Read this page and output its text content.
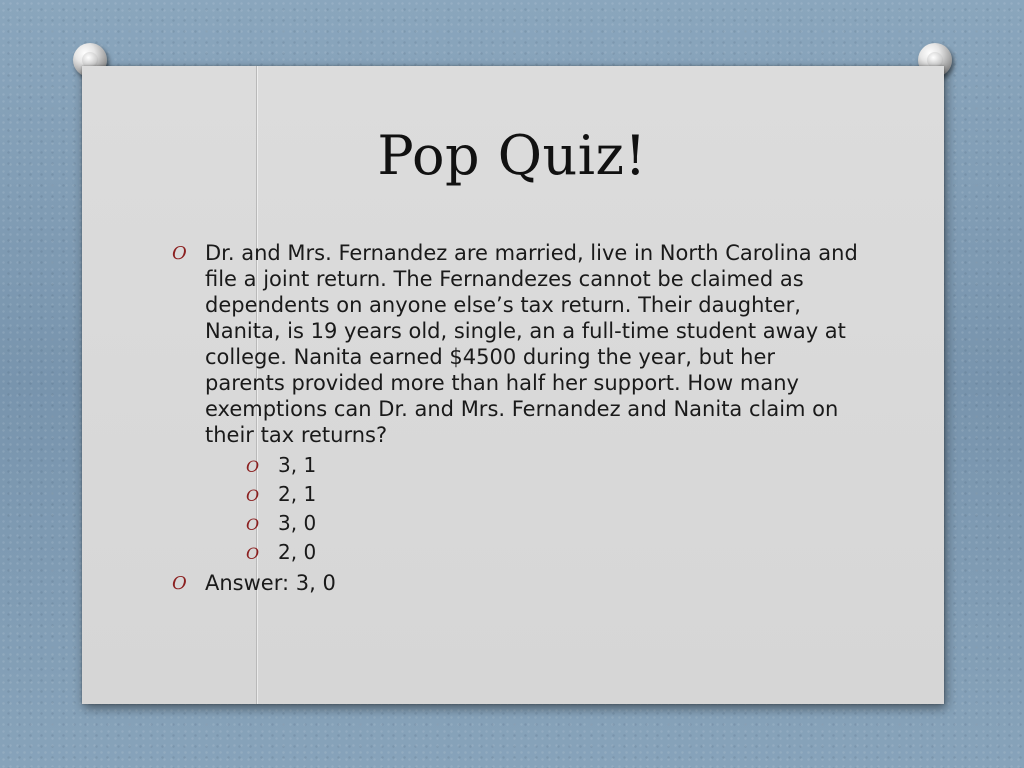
Pop Quiz!
O Dr. and Mrs. Fernandez are married, live in North Carolina and file a joint return. The Fernandezes cannot be claimed as dependents on anyone else’s tax return. Their daughter, Nanita, is 19 years old, single, an a full-time student away at college. Nanita earned $4500 during the year, but her parents provided more than half her support. How many exemptions can Dr. and Mrs. Fernandez and Nanita claim on their tax returns?
O 3, 1
O 2, 1
O 3, 0
O 2, 0
O Answer: 3, 0
